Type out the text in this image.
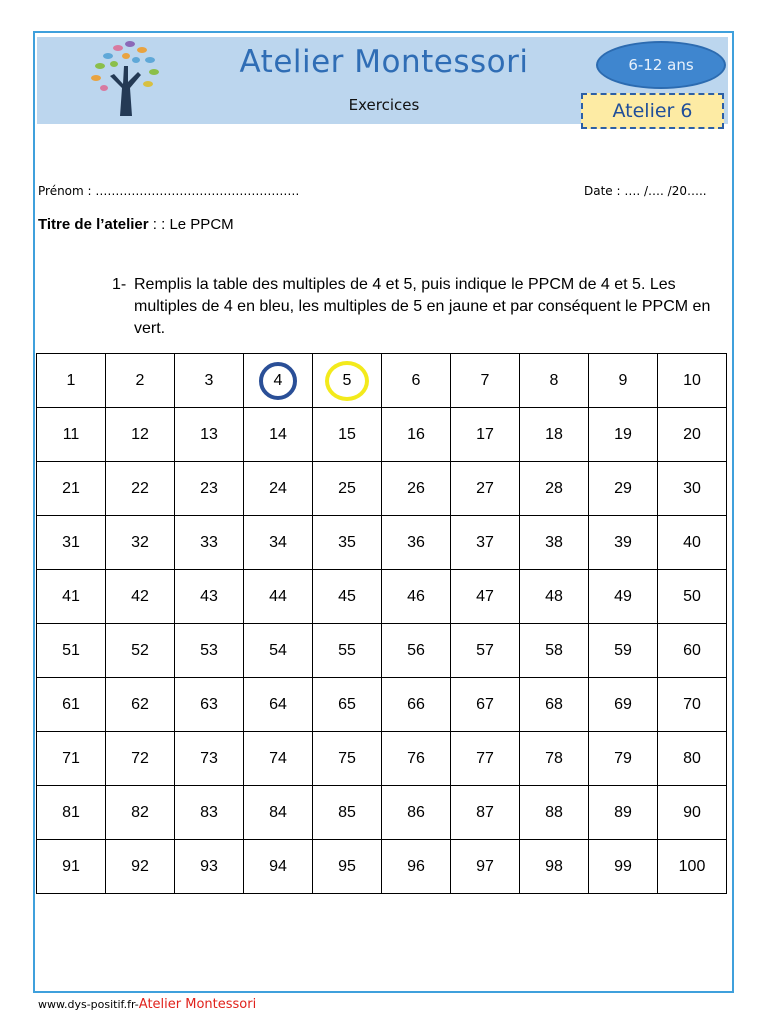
Atelier Montessori
Exercices
6-12 ans
Atelier 6
Prénom : ……………………………………………	Date : …. /…. /20…..
Titre de l’atelier : : Le PPCM
1- Remplis la table des multiples de 4 et 5, puis indique le PPCM de 4 et 5. Les multiples de 4 en bleu, les multiples de 5 en jaune et par conséquent le PPCM en vert.
1	2	3	4	5	6	7	8	9	10
11	12	13	14	15	16	17	18	19	20
21	22	23	24	25	26	27	28	29	30
31	32	33	34	35	36	37	38	39	40
41	42	43	44	45	46	47	48	49	50
51	52	53	54	55	56	57	58	59	60
61	62	63	64	65	66	67	68	69	70
71	72	73	74	75	76	77	78	79	80
81	82	83	84	85	86	87	88	89	90
91	92	93	94	95	96	97	98	99	100
www.dys-positif.fr-Atelier Montessori
